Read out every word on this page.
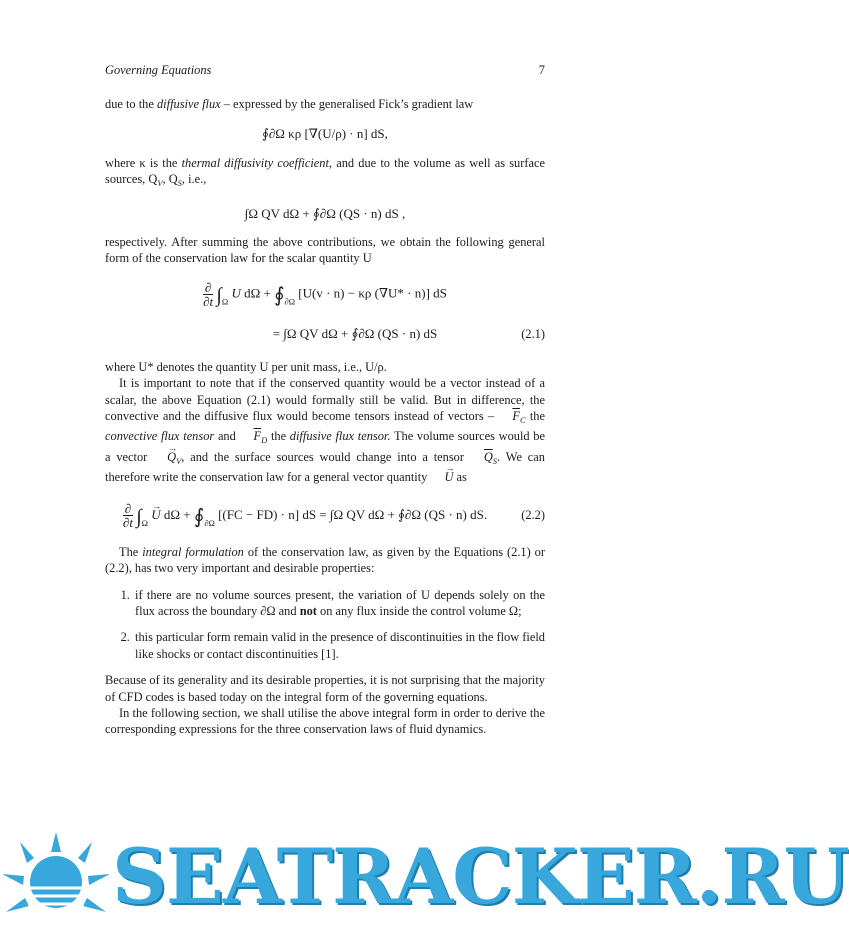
Governing Equations	7

due to the diffusive flux – expressed by the generalised Fick’s gradient law

∮∂Ω κρ [∇(U/ρ) · n] dS,

where κ is the thermal diffusivity coefficient, and due to the volume as well as surface sources, $Q_V$, $Q_S$, i.e.,

∫Ω QV dΩ + ∮∂Ω (QS · n) dS ,

respectively. After summing the above contributions, we obtain the following general form of the conservation law for the scalar quantity U

$\frac{\partial}{\partial t} \int_\Omega$ U $d\Omega + ∮_{\partial\Omega}$ [U(v · n) − κρ (∇U* · n)] dS
= ∫Ω QV dΩ + ∮∂Ω (QS · n) dS	(2.1)

where U* denotes the quantity U per unit mass, i.e., U/ρ.

It is important to note that if the conserved quantity would be a vector instead of a scalar, the above Equation (2.1) would formally still be valid. But in difference, the convective and the diffusive flux would become tensors instead of vectors – $\overline{F}_C$ the convective flux tensor and $\overline{F}_D$ the diffusive flux tensor. The volume sources would be a vector → $Q_V$, and the surface sources would change into a tensor $\overline{Q}_S$. We can therefore write the conservation law for a general vector quantity → U as

$\frac{\partial}{\partial t} \int_\Omega \to U$ $d\Omega + ∮_{\partial\Omega}$ [(FC − FD) · n] dS = ∫Ω QV dΩ + ∮∂Ω (QS · n) dS.	(2.2)

The integral formulation of the conservation law, as given by the Equations (2.1) or (2.2), has two very important and desirable properties:

1. if there are no volume sources present, the variation of U depends solely on the flux across the boundary ∂Ω and not on any flux inside the control volume Ω;
2. this particular form remain valid in the presence of discontinuities in the flow field like shocks or contact discontinuities [1].

Because of its generality and its desirable properties, it is not surprising that the majority of CFD codes is based today on the integral form of the governing equations.

In the following section, we shall utilise the above integral form in order to derive the corresponding expressions for the three conservation laws of fluid dynamics.

SEATRACKER.RU
